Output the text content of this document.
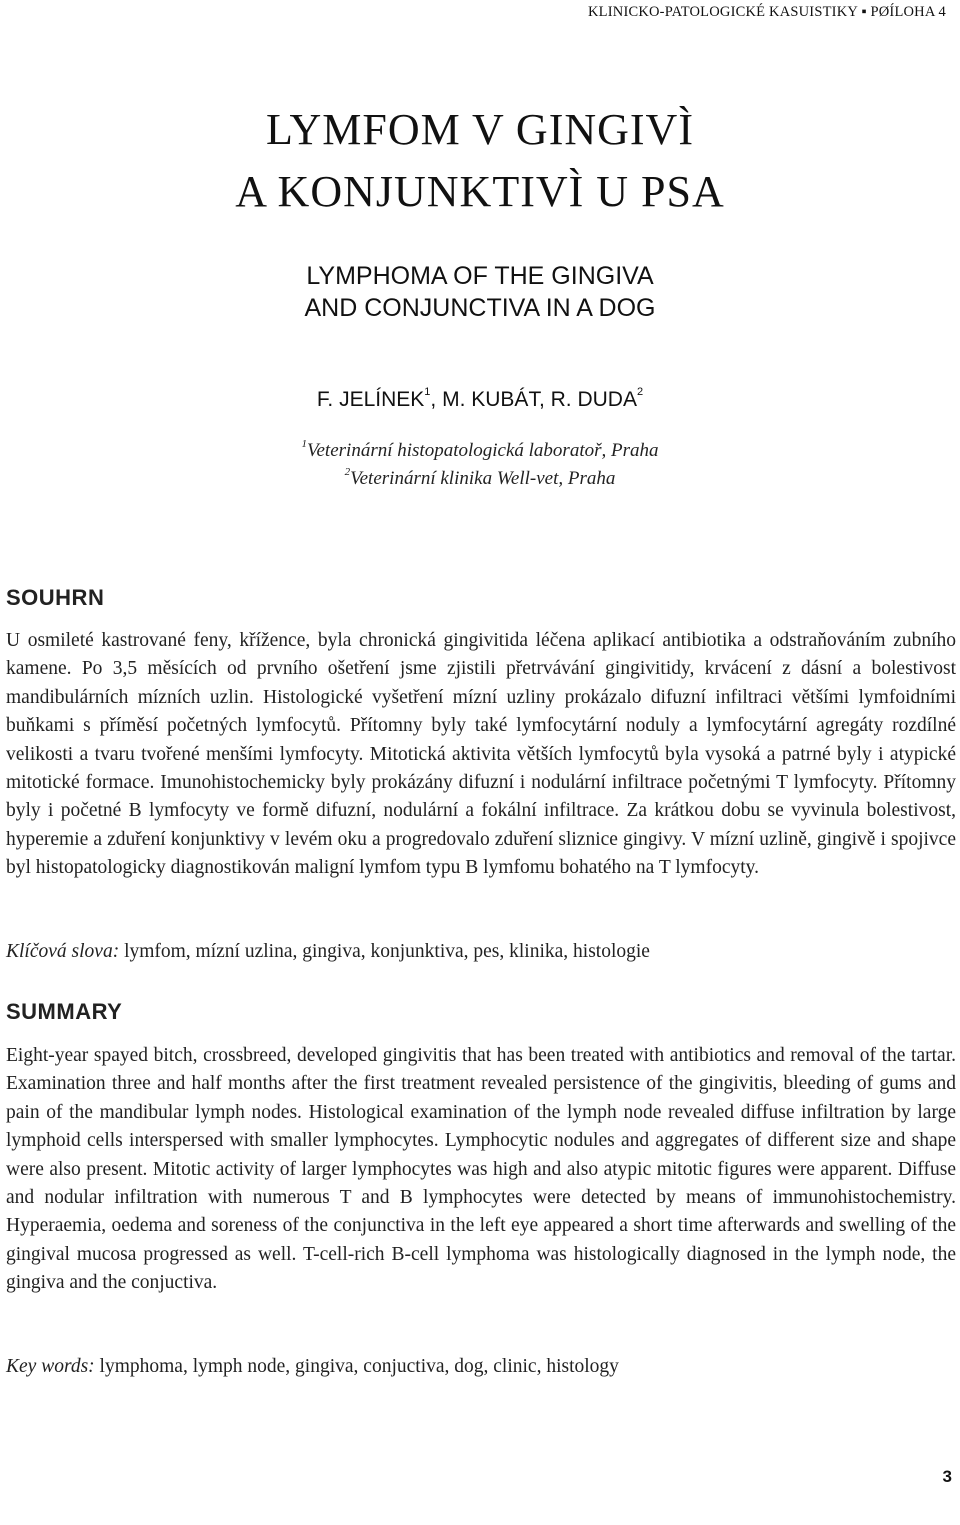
KLINICKO-PATOLOGICKÉ KASUISTIKY ▪ PØÍLOHA 4
LYMFOM V GINGIVÌ
A KONJUNKTIVÌ U PSA
LYMPHOMA OF THE GINGIVA
AND CONJUNCTIVA IN A DOG
F. JELÍNEK$^1$, M. KUBÁT, R. DUDA$^2$
$^1$Veterinární histopatologická laboratoř, Praha
$^2$Veterinární klinika Well-vet, Praha
SOUHRN

U osmileté kastrované feny, křížence, byla chronická gingivitida léčena aplikací antibiotika a odstraňováním zubního kamene. Po 3,5 měsících od prvního ošetření jsme zjistili přetrvávání gingivitidy, krvácení z dásní a bolestivost mandibulárních mízních uzlin. Histologické vyšetření mízní uzliny prokázalo difuzní infiltraci většími lymfoidními buňkami s příměsí početných lymfocytů. Přítomny byly také lymfocytární noduly a lymfocytární agregáty rozdílné velikosti a tvaru tvořené menšími lymfocyty. Mitotická aktivita větších lymfocytů byla vysoká a patrné byly i atypické mitotické formace. Imunohistochemicky byly prokázány difuzní i nodulární infiltrace početnými T lymfocyty. Přítomny byly i početné B lymfocyty ve formě difuzní, nodulární a fokální infiltrace. Za krátkou dobu se vyvinula bolestivost, hyperemie a zduření konjunktivy v levém oku a progredovalo zduření sliznice gingivy. V mízní uzlině, gingivě i spojivce byl histopatologicky diagnostikován maligní lymfom typu B lymfomu bohatého na T lymfocyty.

Klíčová slova: lymfom, mízní uzlina, gingiva, konjunktiva, pes, klinika, histologie
SUMMARY

Eight-year spayed bitch, crossbreed, developed gingivitis that has been treated with antibiotics and removal of the tartar. Examination three and half months after the first treatment revealed persistence of the gingivitis, bleeding of gums and pain of the mandibular lymph nodes. Histological examination of the lymph node revealed diffuse infiltration by large lymphoid cells interspersed with smaller lymphocytes. Lymphocytic nodules and aggregates of different size and shape were also present. Mitotic activity of larger lymphocytes was high and also atypic mitotic figures were apparent. Diffuse and nodular infiltration with numerous T and B lymphocytes were detected by means of immunohistochemistry. Hyperaemia, oedema and soreness of the conjunctiva in the left eye appeared a short time afterwards and swelling of the gingival mucosa progressed as well. T-cell-rich B-cell lymphoma was histologically diagnosed in the lymph node, the gingiva and the conjuctiva.

Key words: lymphoma, lymph node, gingiva, conjuctiva, dog, clinic, histology
3
